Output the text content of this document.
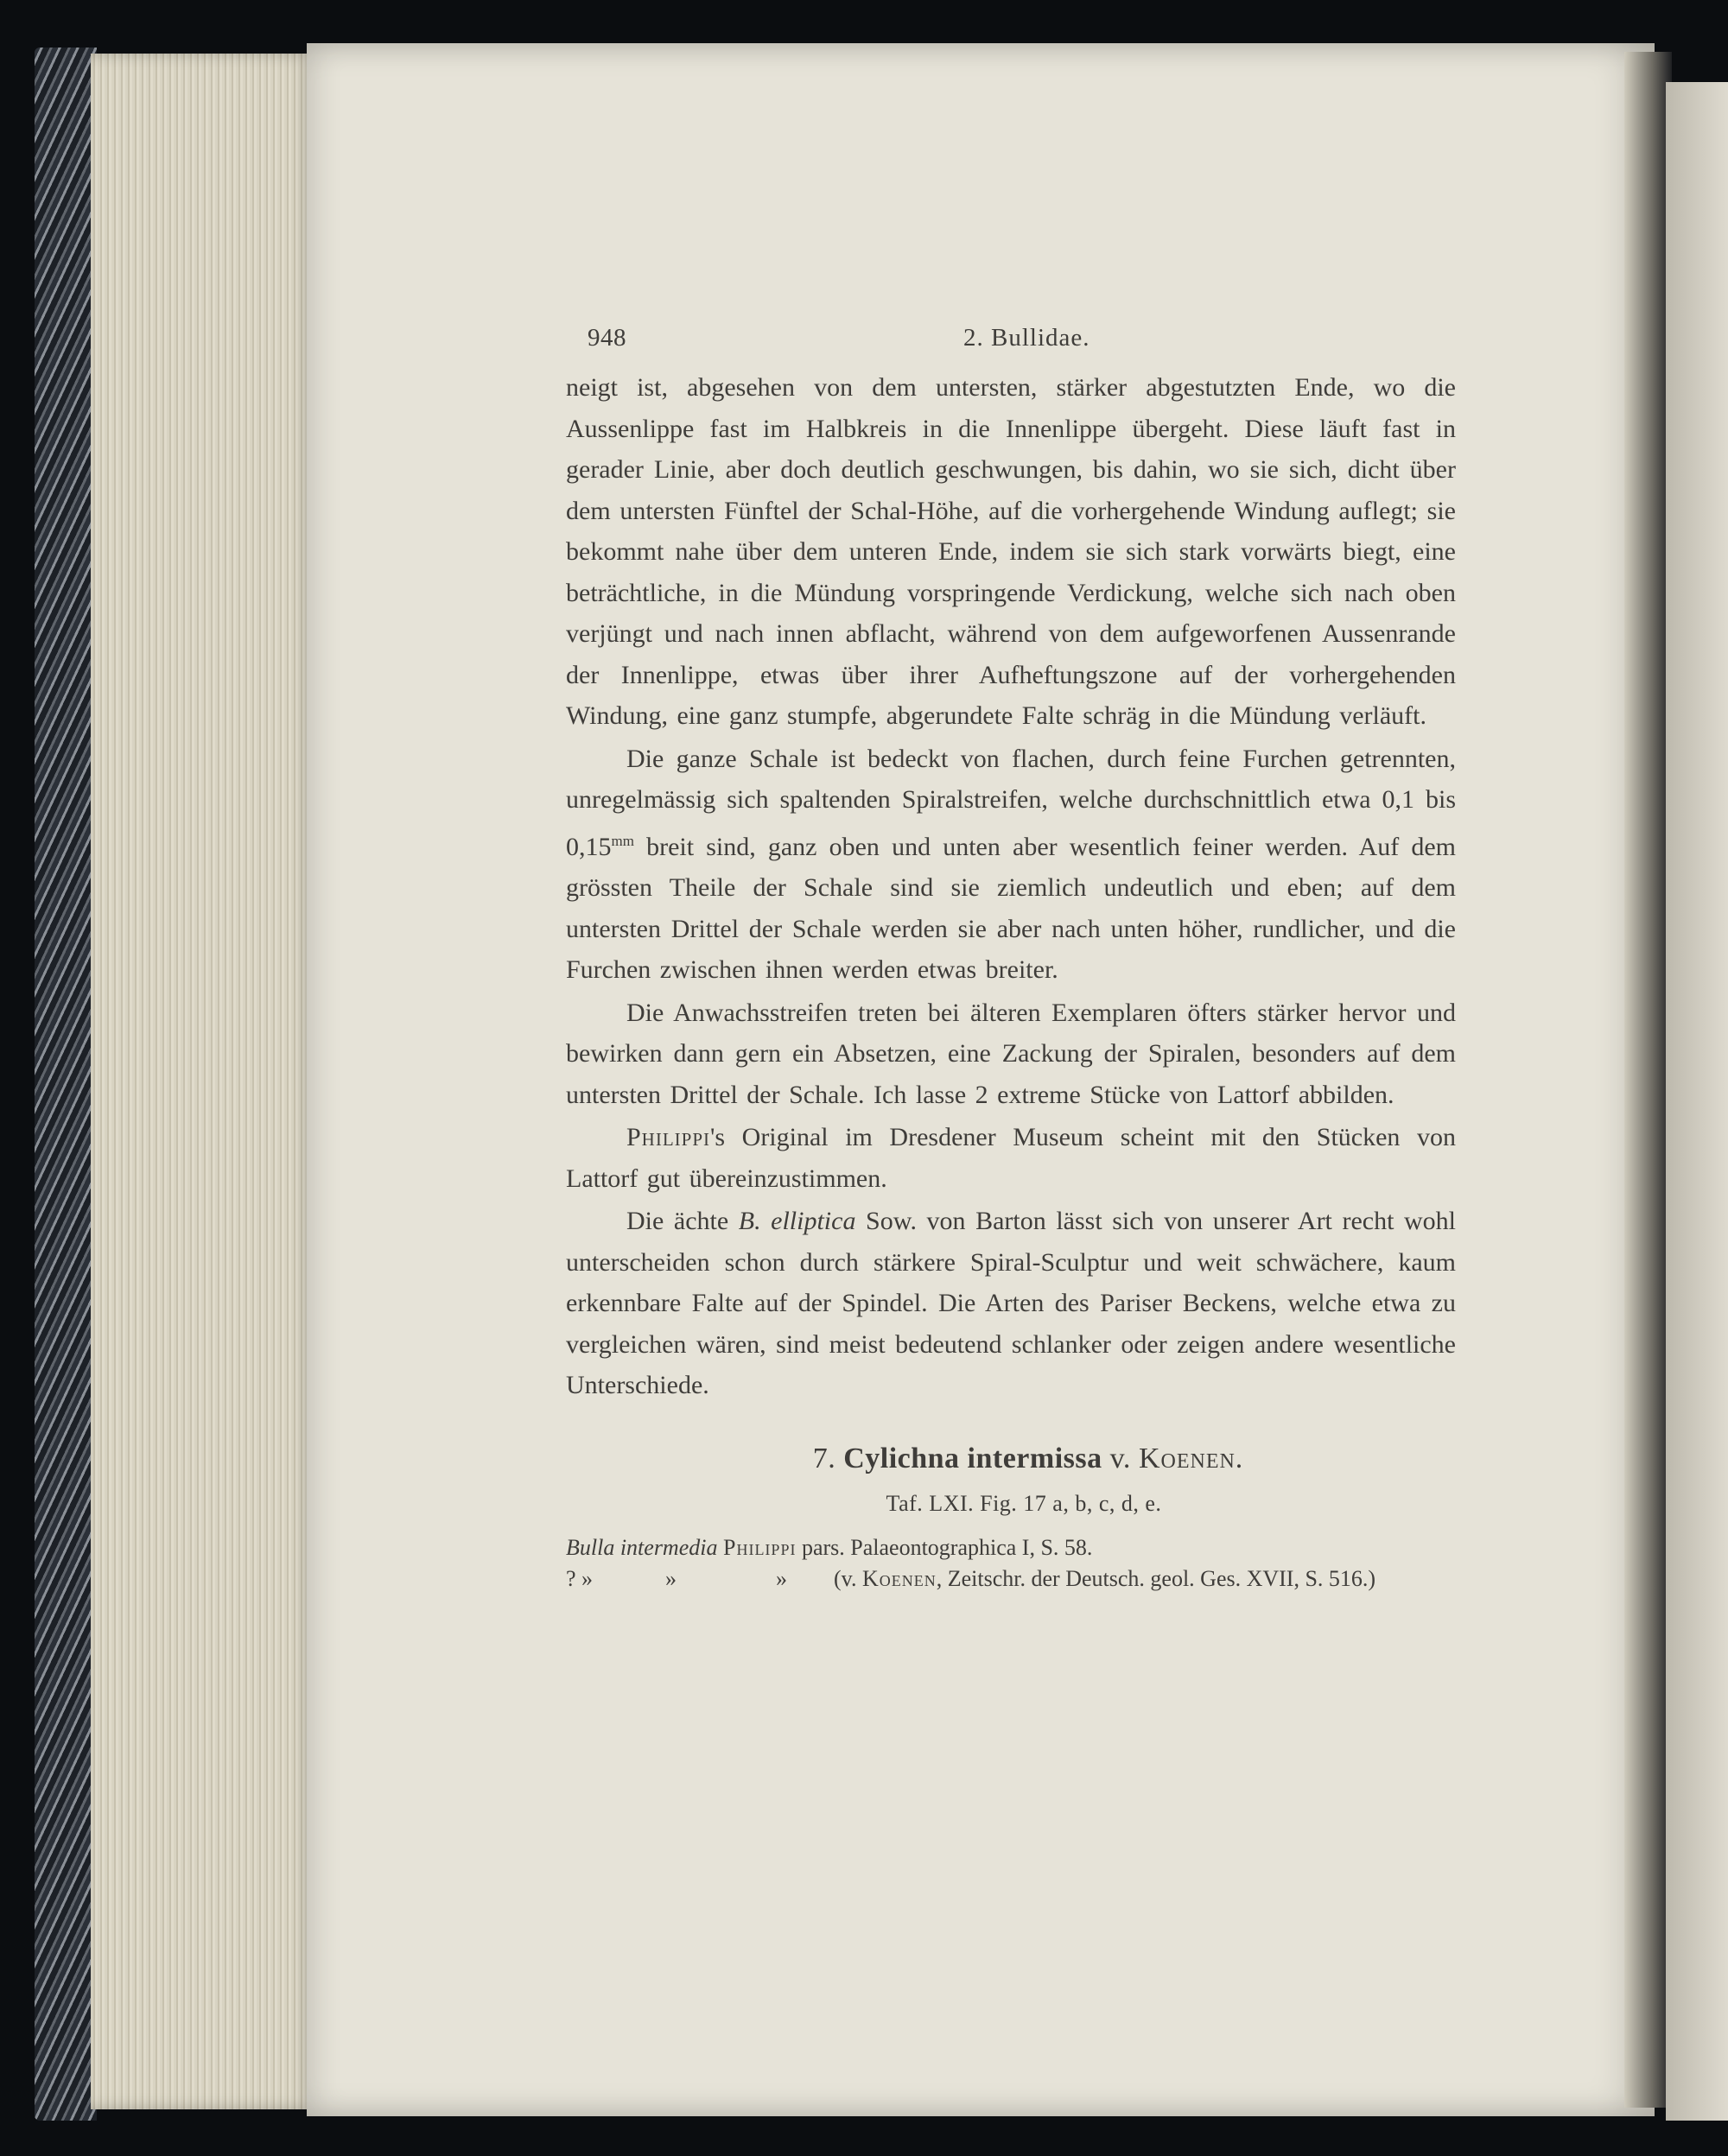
948	2. Bullidae.

neigt ist, abgesehen von dem untersten, stärker abgestutzten Ende, wo die Aussenlippe fast im Halbkreis in die Innenlippe übergeht. Diese läuft fast in gerader Linie, aber doch deutlich geschwungen, bis dahin, wo sie sich, dicht über dem untersten Fünftel der Schal-Höhe, auf die vorhergehende Windung auflegt; sie bekommt nahe über dem unteren Ende, indem sie sich stark vorwärts biegt, eine beträchtliche, in die Mündung vorspringende Verdickung, welche sich nach oben verjüngt und nach innen abflacht, während von dem aufgeworfenen Aussenrande der Innenlippe, etwas über ihrer Aufheftungszone auf der vorhergehenden Windung, eine ganz stumpfe, abgerundete Falte schräg in die Mündung verläuft.

Die ganze Schale ist bedeckt von flachen, durch feine Furchen getrennten, unregelmässig sich spaltenden Spiralstreifen, welche durchschnittlich etwa 0,1 bis $0,15^{mm}$ breit sind, ganz oben und unten aber wesentlich feiner werden. Auf dem grössten Theile der Schale sind sie ziemlich undeutlich und eben; auf dem untersten Drittel der Schale werden sie aber nach unten höher, rundlicher, und die Furchen zwischen ihnen werden etwas breiter.

Die Anwachsstreifen treten bei älteren Exemplaren öfters stärker hervor und bewirken dann gern ein Absetzen, eine Zackung der Spiralen, besonders auf dem untersten Drittel der Schale. Ich lasse 2 extreme Stücke von Lattorf abbilden.

Philippi's Original im Dresdener Museum scheint mit den Stücken von Lattorf gut übereinzustimmen.

Die ächte B. elliptica Sow. von Barton lässt sich von unserer Art recht wohl unterscheiden schon durch stärkere Spiral-Sculptur und weit schwächere, kaum erkennbare Falte auf der Spindel. Die Arten des Pariser Beckens, welche etwa zu vergleichen wären, sind meist bedeutend schlanker oder zeigen andere wesentliche Unterschiede.

7. Cylichna intermissa v. Koenen.
Taf. LXI. Fig. 17 a, b, c, d, e.
Bulla intermedia Philippi pars. Palaeontographica I, S. 58.
? »	»	» (v. Koenen, Zeitschr. der Deutsch. geol. Ges. XVII, S. 516.)
